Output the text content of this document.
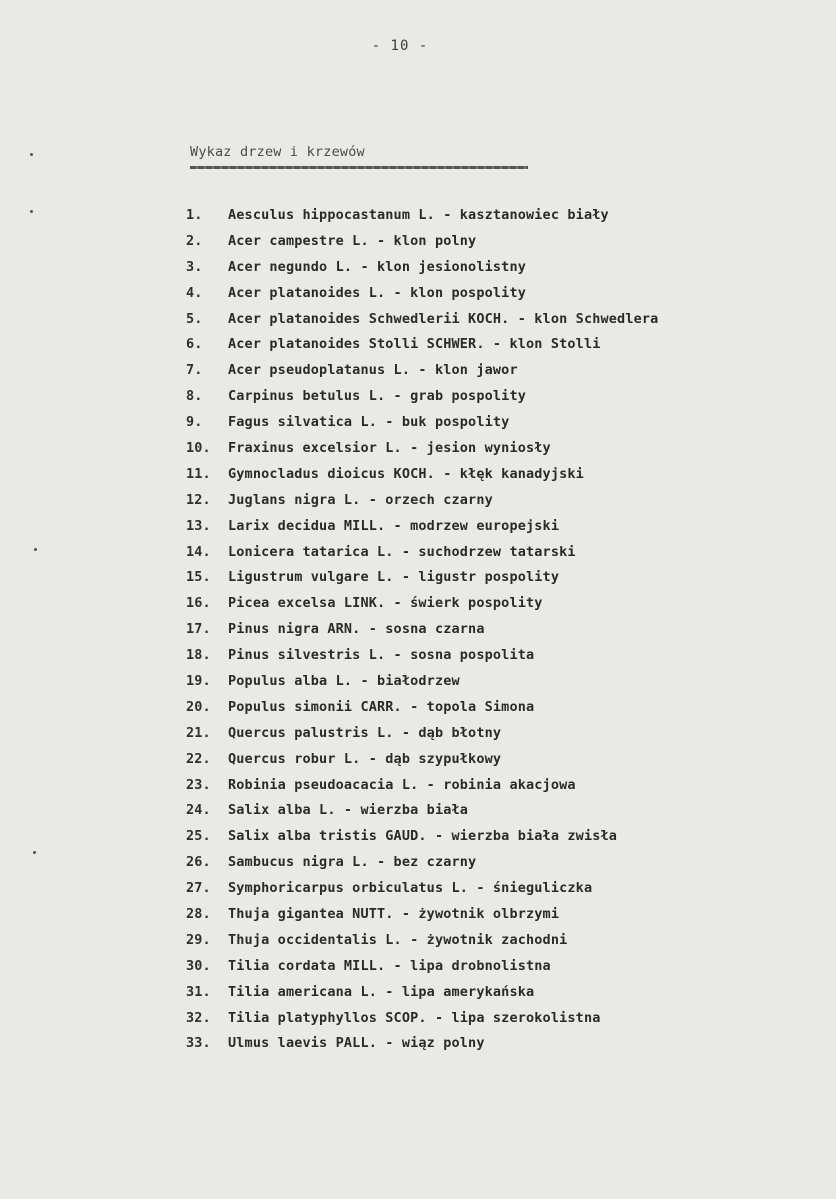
- 10 -
Wykaz drzew i krzewów
1.	Aesculus hippocastanum L. - kasztanowiec biały
2.	Acer campestre L. - klon polny
3.	Acer negundo L. - klon jesionolistny
4.	Acer platanoides L. - klon pospolity
5.	Acer platanoides Schwedlerii KOCH. - klon Schwedlera
6.	Acer platanoides Stolli SCHWER. - klon Stolli
7.	Acer pseudoplatanus L. - klon jawor
8.	Carpinus betulus L. - grab pospolity
9.	Fagus silvatica L. - buk pospolity
10.	Fraxinus excelsior L. - jesion wyniosły
11.	Gymnocladus dioicus KOCH. - kłęk kanadyjski
12.	Juglans nigra L. - orzech czarny
13.	Larix decidua MILL. - modrzew europejski
14.	Lonicera tatarica L. - suchodrzew tatarski
15.	Ligustrum vulgare L. - ligustr pospolity
16.	Picea excelsa LINK. - świerk pospolity
17.	Pinus nigra ARN. - sosna czarna
18.	Pinus silvestris L. - sosna pospolita
19.	Populus alba L. - białodrzew
20.	Populus simonii CARR. - topola Simona
21.	Quercus palustris L. - dąb błotny
22.	Quercus robur L. - dąb szypułkowy
23.	Robinia pseudoacacia L. - robinia akacjowa
24.	Salix alba L. - wierzba biała
25.	Salix alba tristis GAUD. - wierzba biała zwisła
26.	Sambucus nigra L. - bez czarny
27.	Symphoricarpus orbiculatus L. - śnieguliczka
28.	Thuja gigantea NUTT. - żywotnik olbrzymi
29.	Thuja occidentalis L. - żywotnik zachodni
30.	Tilia cordata MILL. - lipa drobnolistna
31.	Tilia americana L. - lipa amerykańska
32.	Tilia platyphyllos SCOP. - lipa szerokolistna
33.	Ulmus laevis PALL. - wiąz polny
